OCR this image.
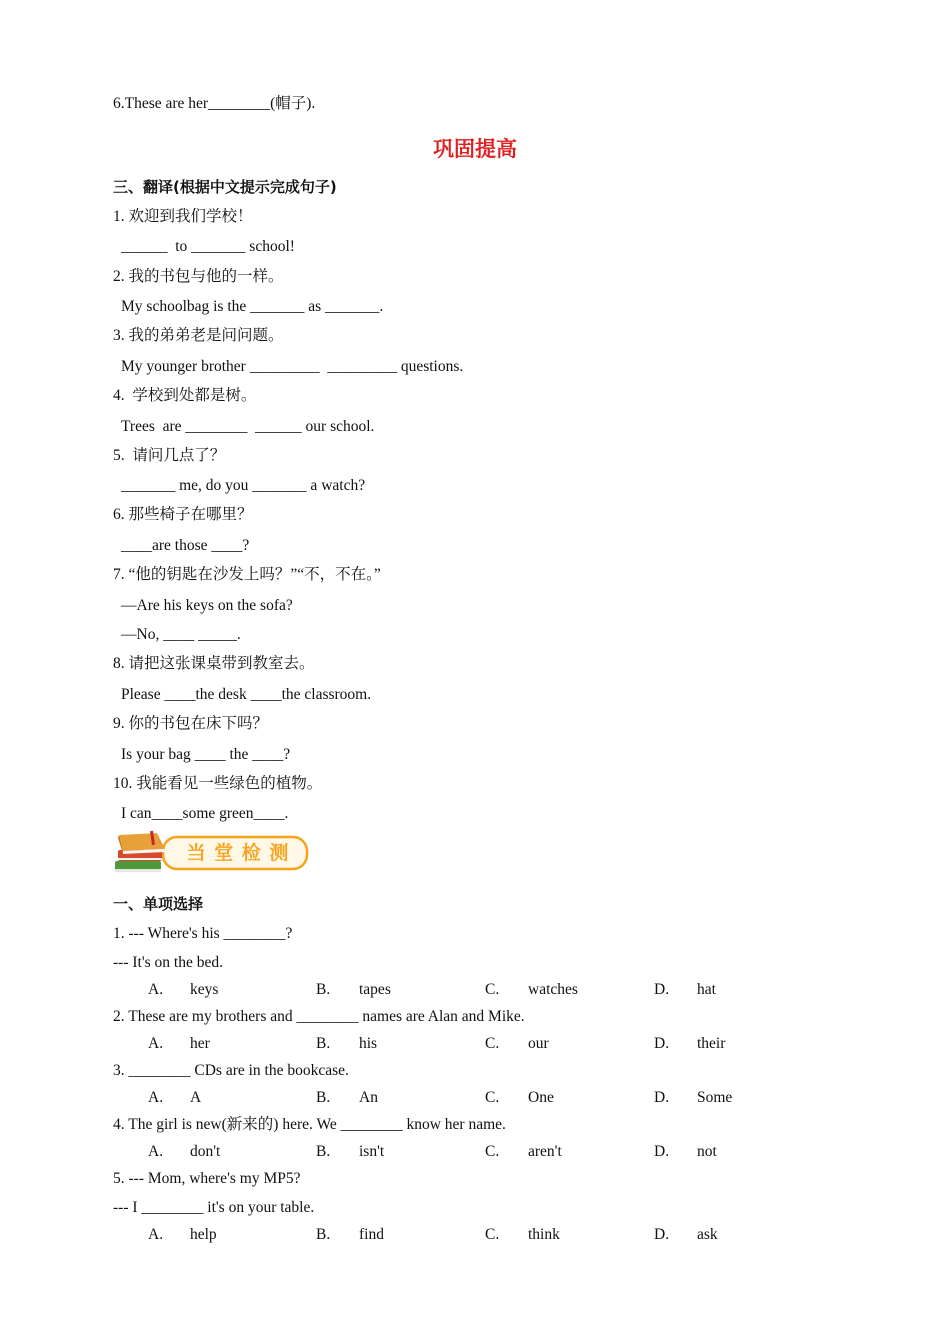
6.These are her________(帽子).
巩固提高
三、翻译(根据中文提示完成句子)
1. 欢迎到我们学校！
______  to _______ school!
2. 我的书包与他的一样。
My schoolbag is the _______ as _______.
3. 我的弟弟老是问问题。
My younger brother _________  _________ questions.
4.  学校到处都是树。
Trees  are ________  ______ our school.
5.  请问几点了？
_______ me, do you _______ a watch?
6. 那些椅子在哪里？
____are those ____?
7. “他的钥匙在沙发上吗？”“不，不在。”
—Are his keys on the sofa?
—No, ____ _____.
8. 请把这张课桌带到教室去。
Please ____the desk ____the classroom.
9. 你的书包在床下吗？
Is your bag ____ the ____?
10. 我能看见一些绿色的植物。
I can____some green____.
当 堂 检 测
一、单项选择
1. --- Where's his ________?
--- It's on the bed.
A. keys	B. tapes	C. watches	D. hat
2. These are my brothers and ________ names are Alan and Mike.
A. her	B. his	C. our	D. their
3. ________ CDs are in the bookcase.
A. A	B. An	C. One	D. Some
4. The girl is new(新来的) here. We ________ know her name.
A. don't	B. isn't	C. aren't	D. not
5. --- Mom, where's my MP5?
--- I ________ it's on your table.
A. help	B. find	C. think	D. ask
